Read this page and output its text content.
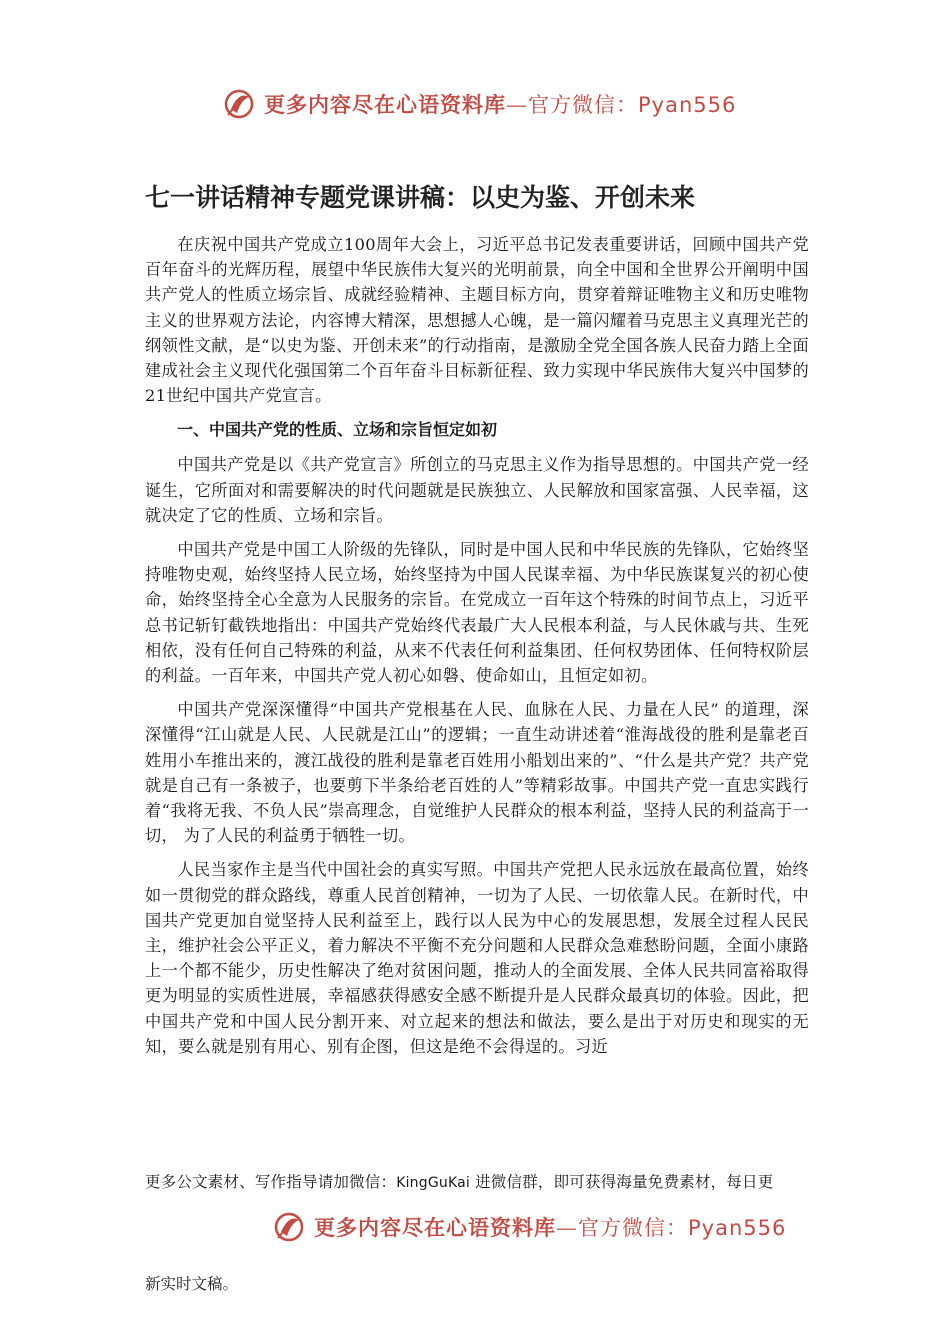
更多内容尽在心语资料库—官方微信：Pyan556
七一讲话精神专题党课讲稿：以史为鉴、开创未来

在庆祝中国共产党成立100周年大会上，习近平总书记发表重要讲话，回顾中国共产党百年奋斗的光辉历程，展望中华民族伟大复兴的光明前景，向全中国和全世界公开阐明中国共产党人的性质立场宗旨、成就经验精神、主题目标方向，贯穿着辩证唯物主义和历史唯物主义的世界观方法论，内容博大精深，思想撼人心魄，是一篇闪耀着马克思主义真理光芒的纲领性文献，是“以史为鉴、开创未来”的行动指南，是激励全党全国各族人民奋力踏上全面建成社会主义现代化强国第二个百年奋斗目标新征程、致力实现中华民族伟大复兴中国梦的21世纪中国共产党宣言。

一、中国共产党的性质、立场和宗旨恒定如初

中国共产党是以《共产党宣言》所创立的马克思主义作为指导思想的。中国共产党一经诞生，它所面对和需要解决的时代问题就是民族独立、人民解放和国家富强、人民幸福，这就决定了它的性质、立场和宗旨。

中国共产党是中国工人阶级的先锋队，同时是中国人民和中华民族的先锋队，它始终坚持唯物史观，始终坚持人民立场，始终坚持为中国人民谋幸福、为中华民族谋复兴的初心使命，始终坚持全心全意为人民服务的宗旨。在党成立一百年这个特殊的时间节点上，习近平总书记斩钉截铁地指出：中国共产党始终代表最广大人民根本利益，与人民休戚与共、生死相依，没有任何自己特殊的利益，从来不代表任何利益集团、任何权势团体、任何特权阶层的利益。一百年来，中国共产党人初心如磐、使命如山，且恒定如初。

中国共产党深深懂得“中国共产党根基在人民、血脉在人民、力量在人民” 的道理，深深懂得“江山就是人民、人民就是江山”的逻辑；一直生动讲述着“淮海战役的胜利是靠老百姓用小车推出来的，渡江战役的胜利是靠老百姓用小船划出来的”、“什么是共产党？共产党就是自己有一条被子，也要剪下半条给老百姓的人”等精彩故事。中国共产党一直忠实践行着“我将无我、不负人民”崇高理念，自觉维护人民群众的根本利益，坚持人民的利益高于一切， 为了人民的利益勇于牺牲一切。

人民当家作主是当代中国社会的真实写照。中国共产党把人民永远放在最高位置，始终如一贯彻党的群众路线，尊重人民首创精神，一切为了人民、一切依靠人民。在新时代，中国共产党更加自觉坚持人民利益至上，践行以人民为中心的发展思想，发展全过程人民民主，维护社会公平正义，着力解决不平衡不充分问题和人民群众急难愁盼问题，全面小康路上一个都不能少，历史性解决了绝对贫困问题，推动人的全面发展、全体人民共同富裕取得更为明显的实质性进展，幸福感获得感安全感不断提升是人民群众最真切的体验。因此，把中国共产党和中国人民分割开来、对立起来的想法和做法，要么是出于对历史和现实的无知，要么就是别有用心、别有企图，但这是绝不会得逞的。习近

更多公文素材、写作指导请加微信：KingGuKai 进微信群，即可获得海量免费素材，每日更
更多内容尽在心语资料库—官方微信：Pyan556
新实时文稿。
